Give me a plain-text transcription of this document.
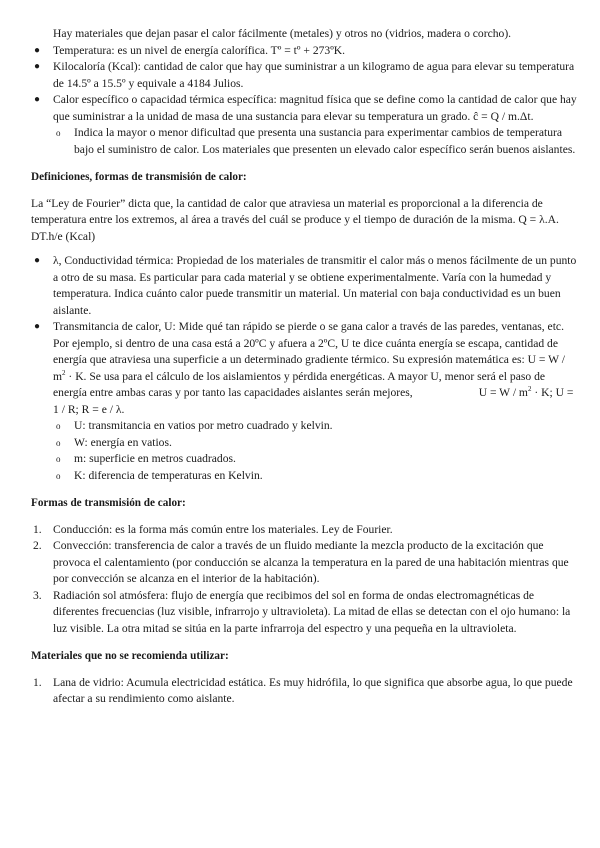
Hay materiales que dejan pasar el calor fácilmente (metales) y otros no (vidrios, madera o corcho).

● Temperatura: es un nivel de energía calorífica. Tº = tº + 273ºK.
● Kilocaloría (Kcal): cantidad de calor que hay que suministrar a un kilogramo de agua para elevar su temperatura de 14.5º a 15.5º y equivale a 4184 Julios.
● Calor específico o capacidad térmica específica: magnitud física que se define como la cantidad de calor que hay que suministrar a la unidad de masa de una sustancia para elevar su temperatura un grado. ĉ = Q / m.Δt.
o Indica la mayor o menor dificultad que presenta una sustancia para experimentar cambios de temperatura bajo el suministro de calor. Los materiales que presenten un elevado calor específico serán buenos aislantes.

Definiciones, formas de transmisión de calor:

La “Ley de Fourier” dicta que, la cantidad de calor que atraviesa un material es proporcional a la diferencia de temperatura entre los extremos, al área a través del cuál se produce y el tiempo de duración de la misma. Q = λ.A. DT.h/e (Kcal)

● λ, Conductividad térmica: Propiedad de los materiales de transmitir el calor más o menos fácilmente de un punto a otro de su masa. Es particular para cada material y se obtiene experimentalmente. Varía con la humedad y temperatura. Indica cuánto calor puede transmitir un material. Un material con baja conductividad es un buen aislante.
● Transmitancia de calor, U: Mide qué tan rápido se pierde o se gana calor a través de las paredes, ventanas, etc. Por ejemplo, si dentro de una casa está a 20ºC y afuera a 2ºC, U te dice cuánta energía se escapa, cantidad de energía que atraviesa una superficie a un determinado gradiente térmico. Su expresión matemática es: $U = W / m^2 \cdot K$. Se usa para el cálculo de los aislamientos y pérdida energéticas. A mayor U, menor será el paso de energía entre ambas caras y por tanto las capacidades aislantes serán mejores,	$U = W / m^2 \cdot K$; U = 1 / R; R = e / λ.
o U: transmitancia en vatios por metro cuadrado y kelvin.
o W: energía en vatios.
o m: superficie en metros cuadrados.
o K: diferencia de temperaturas en Kelvin.

Formas de transmisión de calor:

1. Conducción: es la forma más común entre los materiales. Ley de Fourier.
2. Convección: transferencia de calor a través de un fluido mediante la mezcla producto de la excitación que provoca el calentamiento (por conducción se alcanza la temperatura en la pared de una habitación mientras que por convección se alcanza en el interior de la habitación).
3. Radiación sol atmósfera: flujo de energía que recibimos del sol en forma de ondas electromagnéticas de diferentes frecuencias (luz visible, infrarrojo y ultravioleta). La mitad de ellas se detectan con el ojo humano: la luz visible. La otra mitad se sitúa en la parte infrarroja del espectro y una pequeña en la ultravioleta.

Materiales que no se recomienda utilizar:

1. Lana de vidrio: Acumula electricidad estática. Es muy hidrófila, lo que significa que absorbe agua, lo que puede afectar a su rendimiento como aislante.
